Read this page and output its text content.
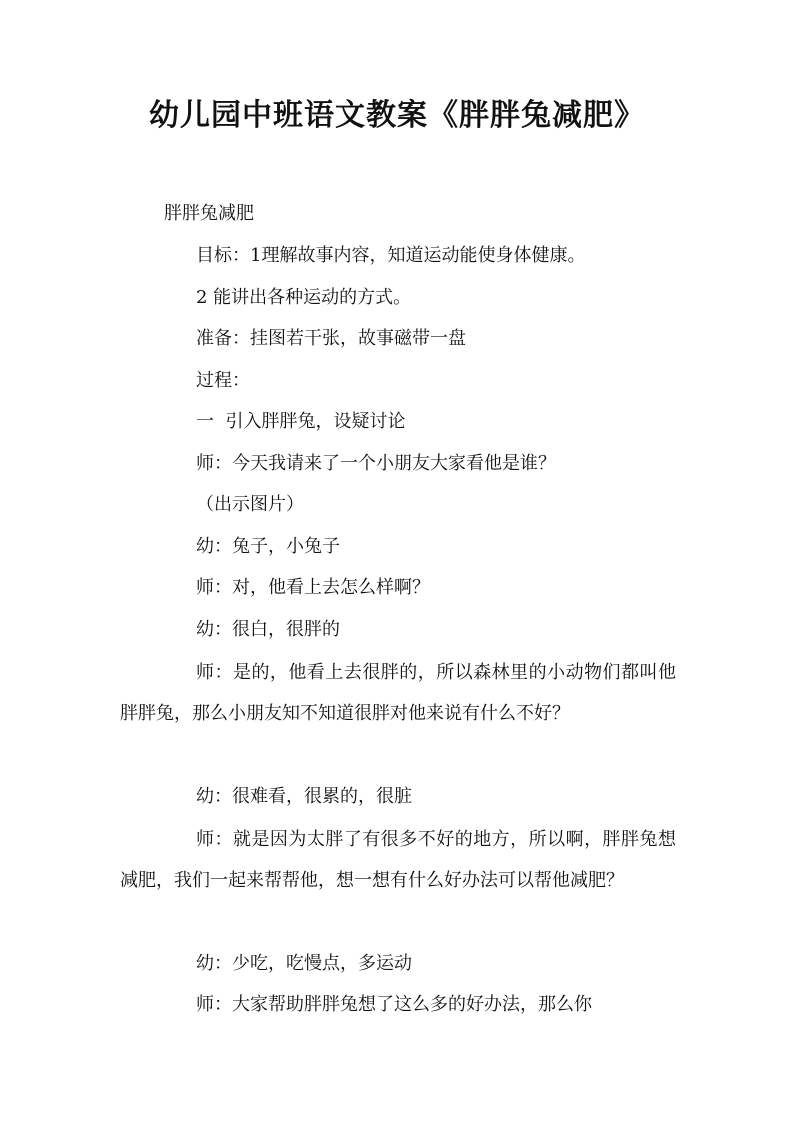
幼儿园中班语文教案《胖胖兔减肥》
胖胖兔减肥
目标：1理解故事内容，知道运动能使身体健康。
2 能讲出各种运动的方式。
准备：挂图若干张，故事磁带一盘
过程：
一  引入胖胖兔，设疑讨论
师：今天我请来了一个小朋友大家看他是谁？
（出示图片）
幼：兔子，小兔子
师：对，他看上去怎么样啊？
幼：很白，很胖的
师：是的，他看上去很胖的，所以森林里的小动物们都叫他胖胖兔，那么小朋友知不知道很胖对他来说有什么不好？
幼：很难看，很累的，很脏
师：就是因为太胖了有很多不好的地方，所以啊，胖胖兔想减肥，我们一起来帮帮他，想一想有什么好办法可以帮他减肥？
幼：少吃，吃慢点，多运动
师：大家帮助胖胖兔想了这么多的好办法，那么你
